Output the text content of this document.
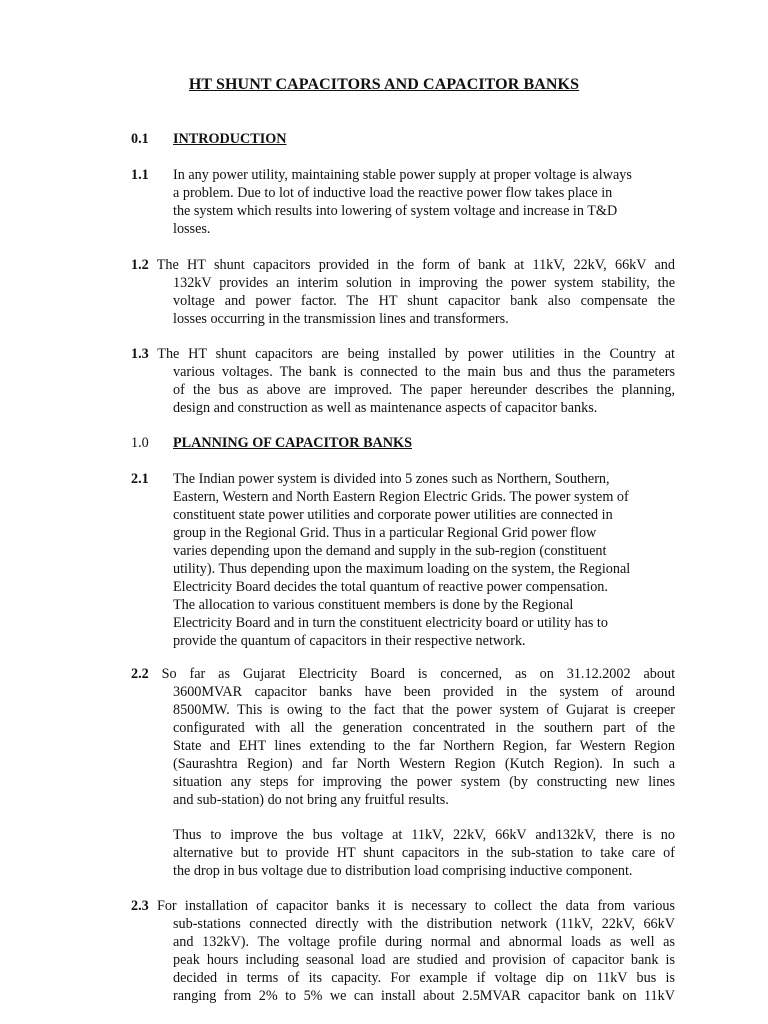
HT SHUNT CAPACITORS AND CAPACITOR BANKS
0.1 INTRODUCTION
1.1 In any power utility, maintaining stable power supply at proper voltage is always
a problem. Due to lot of inductive load the reactive power flow takes place in
the system which results into lowering of system voltage and increase in T&D
losses.
1.2 The HT shunt capacitors provided in the form of bank at 11kV, 22kV, 66kV and
132kV provides an interim solution in improving the power system stability, the
voltage and power factor. The HT shunt capacitor bank also compensate the
losses occurring in the transmission lines and transformers.
1.3 The HT shunt capacitors are being installed by power utilities in the Country at
various voltages. The bank is connected to the main bus and thus the parameters
of the bus as above are improved. The paper hereunder describes the planning,
design and construction as well as maintenance aspects of capacitor banks.
1.0 PLANNING OF CAPACITOR BANKS
2.1 The Indian power system is divided into 5 zones such as Northern, Southern,
Eastern, Western and North Eastern Region Electric Grids. The power system of
constituent state power utilities and corporate power utilities are connected in
group in the Regional Grid. Thus in a particular Regional Grid power flow
varies depending upon the demand and supply in the sub-region (constituent
utility). Thus depending upon the maximum loading on the system, the Regional
Electricity Board decides the total quantum of reactive power compensation.
The allocation to various constituent members is done by the Regional
Electricity Board and in turn the constituent electricity board or utility has to
provide the quantum of capacitors in their respective network.
2.2 So far as Gujarat Electricity Board is concerned, as on 31.12.2002 about
3600MVAR capacitor banks have been provided in the system of around
8500MW. This is owing to the fact that the power system of Gujarat is creeper
configurated with all the generation concentrated in the southern part of the
State and EHT lines extending to the far Northern Region, far Western Region
(Saurashtra Region) and far North Western Region (Kutch Region). In such a
situation any steps for improving the power system (by constructing new lines
and sub-station) do not bring any fruitful results.
Thus to improve the bus voltage at 11kV, 22kV, 66kV and132kV, there is no
alternative but to provide HT shunt capacitors in the sub-station to take care of
the drop in bus voltage due to distribution load comprising inductive component.
2.3 For installation of capacitor banks it is necessary to collect the data from various
sub-stations connected directly with the distribution network (11kV, 22kV, 66kV
and 132kV). The voltage profile during normal and abnormal loads as well as
peak hours including seasonal load are studied and provision of capacitor bank is
decided in terms of its capacity. For example if voltage dip on 11kV bus is
ranging from 2% to 5% we can install about 2.5MVAR capacitor bank on 11kV
